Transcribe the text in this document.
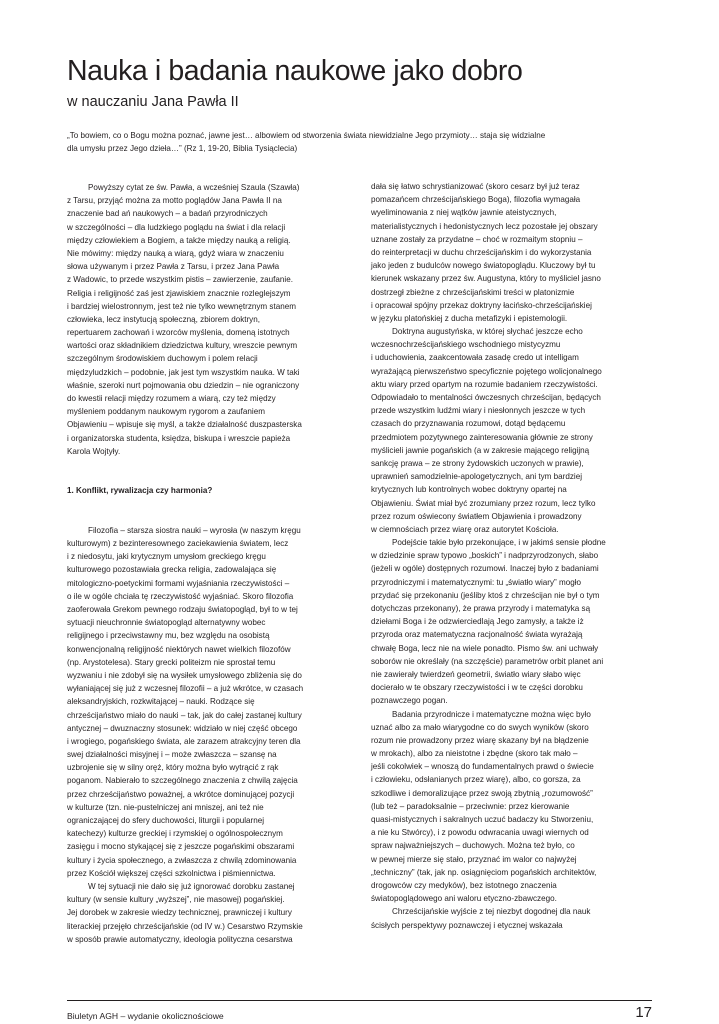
Nauka i badania naukowe jako dobro
w nauczaniu Jana Pawła II

„To bowiem, co o Bogu można poznać, jawne jest… albowiem od stworzenia świata niewidzialne Jego przymioty… staja się widzialne
dla umysłu przez Jego dzieła…” (Rz 1, 19-20, Biblia Tysiąclecia)

Powyższy cytat ze św. Pawła, a wcześniej Szaula (Szawła)
z Tarsu, przyjąć można za motto poglądów Jana Pawła II na
znaczenie bad ań naukowych – a badań przyrodniczych
w szczególności – dla ludzkiego poglądu na świat i dla relacji
między człowiekiem a Bogiem, a także między nauką a religią.
Nie mówimy: między nauką a wiarą, gdyż wiara w znaczeniu
słowa używanym i przez Pawła z Tarsu, i przez Jana Pawła
z Wadowic, to przede wszystkim pistis – zawierzenie, zaufanie.
Religia i religijność zaś jest zjawiskiem znacznie rozleglejszym
i bardziej wielostronnym, jest też nie tylko wewnętrznym stanem
człowieka, lecz instytucją społeczną, zbiorem doktryn,
repertuarem zachowań i wzorców myślenia, domeną istotnych
wartości oraz składnikiem dziedzictwa kultury, wreszcie pewnym
szczególnym środowiskiem duchowym i polem relacji
międzyludzkich – podobnie, jak jest tym wszystkim nauka. W taki
właśnie, szeroki nurt pojmowania obu dziedzin – nie ograniczony
do kwestii relacji między rozumem a wiarą, czy też między
myśleniem poddanym naukowym rygorom a zaufaniem
Objawieniu – wpisuje się myśl, a także działalność duszpasterska
i organizatorska studenta, księdza, biskupa i wreszcie papieża
Karola Wojtyły.
1. Konflikt, rywalizacja czy harmonia?
Filozofia – starsza siostra nauki – wyrosła (w naszym kręgu
kulturowym) z bezinteresownego zaciekawienia światem, lecz
i z niedosytu, jaki krytycznym umysłom greckiego kręgu
kulturowego pozostawiała grecka religia, zadowalająca się
mitologiczno-poetyckimi formami wyjaśniania rzeczywistości –
o ile w ogóle chciała tę rzeczywistość wyjaśniać. Skoro filozofia
zaoferowała Grekom pewnego rodzaju światopogląd, był to w tej
sytuacji nieuchronnie światopogląd alternatywny wobec
religijnego i przeciwstawny mu, bez względu na osobistą
konwencjonalną religijność niektórych nawet wielkich filozofów
(np. Arystotelesa). Stary grecki politeizm nie sprostał temu
wyzwaniu i nie zdobył się na wysiłek umysłowego zbliżenia się do
wyłaniającej się już z wczesnej filozofii – a już wkrótce, w czasach
aleksandryjskich, rozkwitającej – nauki. Rodzące się
chrześcijaństwo miało do nauki – tak, jak do całej zastanej kultury
antycznej – dwuznaczny stosunek: widziało w niej część obcego
i wrogiego, pogańskiego świata, ale zarazem atrakcyjny teren dla
swej działalności misyjnej i – może zwłaszcza – szansę na
uzbrojenie się w silny oręż, który można było wytrącić z rąk
poganom. Nabierało to szczególnego znaczenia z chwilą zajęcia
przez chrześcijaństwo poważnej, a wkrótce dominującej pozycji
w kulturze (tzn. nie-pustelniczej ani mniszej, ani też nie
ograniczającej do sfery duchowości, liturgii i popularnej
katechezy) kulturze greckiej i rzymskiej o ogólnospołecznym
zasięgu i mocno stykającej się z jeszcze pogańskimi obszarami
kultury i życia społecznego, a zwłaszcza z chwilą zdominowania
przez Kościół większej części szkolnictwa i piśmiennictwa.
W tej sytuacji nie dało się już ignorować dorobku zastanej
kultury (w sensie kultury „wyższej”, nie masowej) pogańskiej.
Jej dorobek w zakresie wiedzy technicznej, prawniczej i kultury
literackiej przejęło chrześcijańskie (od IV w.) Cesarstwo Rzymskie
w sposób prawie automatyczny, ideologia polityczna cesarstwa
dała się łatwo schrystianizować (skoro cesarz był już teraz
pomazańcem chrześcijańskiego Boga), filozofia wymagała
wyeliminowania z niej wątków jawnie ateistycznych,
materialistycznych i hedonistycznych lecz pozostałe jej obszary
uznane zostały za przydatne – choć w rozmaitym stopniu –
do reinterpretacji w duchu chrześcijańskim i do wykorzystania
jako jeden z budulców nowego światopoglądu. Kluczowy był tu
kierunek wskazany przez św. Augustyna, który to myśliciel jasno
dostrzegł zbieżne z chrześcijańskimi treści w platonizmie
i opracował spójny przekaz doktryny łacińsko-chrześcijańskiej
w języku platońskiej z ducha metafizyki i epistemologii.
Doktryna augustyńska, w której słychać jeszcze echo
wczesnochrześcijańskiego wschodniego mistycyzmu
i uduchowienia, zaakcentowała zasadę credo ut intelligam
wyrażającą pierwszeństwo specyficznie pojętego wolicjonalnego
aktu wiary przed opartym na rozumie badaniem rzeczywistości.
Odpowiadało to mentalności ówczesnych chrześcijan, będących
przede wszystkim ludźmi wiary i niesłonnych jeszcze w tych
czasach do przyznawania rozumowi, dotąd będącemu
przedmiotem pozytywnego zainteresowania głównie ze strony
myślicieli jawnie pogańskich (a w zakresie mającego religijną
sankcję prawa – ze strony żydowskich uczonych w prawie),
uprawnień samodzielnie-apologetycznych, ani tym bardziej
krytycznych lub kontrolnych wobec doktryny opartej na
Objawieniu. Świat miał być zrozumiany przez rozum, lecz tylko
przez rozum oświecony światłem Objawienia i prowadzony
w ciemnościach przez wiarę oraz autorytet Kościoła.
Podejście takie było przekonujące, i w jakimś sensie płodne
w dziedzinie spraw typowo „boskich” i nadprzyrodzonych, słabo
(jeżeli w ogóle) dostępnych rozumowi. Inaczej było z badaniami
przyrodniczymi i matematycznymi: tu „światło wiary” mogło
przydać się przekonaniu (jeśliby ktoś z chrześcijan nie był o tym
dotychczas przekonany), że prawa przyrody i matematyka są
dziełami Boga i że odzwierciedlają Jego zamysły, a także iż
przyroda oraz matematyczna racjonalność świata wyrażają
chwałę Boga, lecz nie na wiele ponadto. Pismo św. ani uchwały
soborów nie określały (na szczęście) parametrów orbit planet ani
nie zawierały twierdzeń geometrii, światło wiary słabo więc
docierało w te obszary rzeczywistości i w te części dorobku
poznawczego pogan.
Badania przyrodnicze i matematyczne można więc było
uznać albo za mało wiarygodne co do swych wyników (skoro
rozum nie prowadzony przez wiarę skazany był na błądzenie
w mrokach), albo za nieistotne i zbędne (skoro tak mało –
jeśli cokolwiek – wnoszą do fundamentalnych prawd o świecie
i człowieku, odsłanianych przez wiarę), albo, co gorsza, za
szkodliwe i demoralizujące przez swoją zbytnią „rozumowość”
(lub też – paradoksalnie – przeciwnie: przez kierowanie
quasi-mistycznych i sakralnych uczuć badaczy ku Stworzeniu,
a nie ku Stwórcy), i z powodu odwracania uwagi wiernych od
spraw najważniejszych – duchowych. Można też było, co
w pewnej mierze się stało, przyznać im walor co najwyżej
„techniczny” (tak, jak np. osiągnięciom pogańskich architektów,
drogowców czy medyków), bez istotnego znaczenia
światopoglądowego ani waloru etyczno-zbawczego.
Chrześcijańskie wyjście z tej niezbyt dogodnej dla nauk
ścisłych perspektywy poznawczej i etycznej wskazała
Biuletyn AGH – wydanie okolicznościowe	17
